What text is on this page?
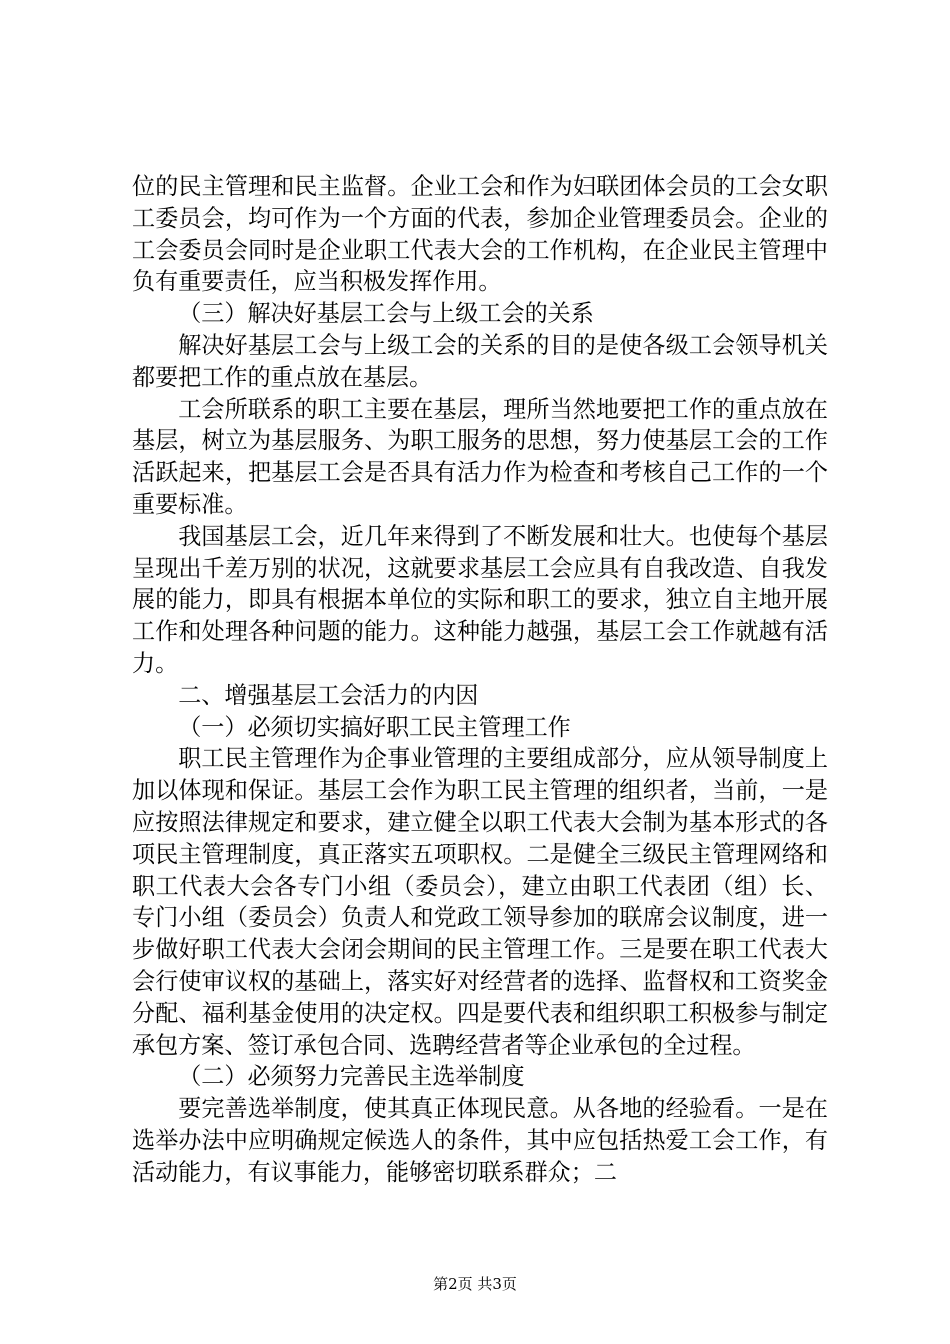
位的民主管理和民主监督。企业工会和作为妇联团体会员的工会女职工委员会，均可作为一个方面的代表，参加企业管理委员会。企业的工会委员会同时是企业职工代表大会的工作机构，在企业民主管理中负有重要责任，应当积极发挥作用。

（三）解决好基层工会与上级工会的关系

解决好基层工会与上级工会的关系的目的是使各级工会领导机关都要把工作的重点放在基层。

工会所联系的职工主要在基层，理所当然地要把工作的重点放在基层，树立为基层服务、为职工服务的思想，努力使基层工会的工作活跃起来，把基层工会是否具有活力作为检查和考核自己工作的一个重要标准。

我国基层工会，近几年来得到了不断发展和壮大。也使每个基层呈现出千差万别的状况，这就要求基层工会应具有自我改造、自我发展的能力，即具有根据本单位的实际和职工的要求，独立自主地开展工作和处理各种问题的能力。这种能力越强，基层工会工作就越有活力。

二、增强基层工会活力的内因

（一）必须切实搞好职工民主管理工作

职工民主管理作为企事业管理的主要组成部分，应从领导制度上加以体现和保证。基层工会作为职工民主管理的组织者，当前，一是应按照法律规定和要求，建立健全以职工代表大会制为基本形式的各项民主管理制度，真正落实五项职权。二是健全三级民主管理网络和职工代表大会各专门小组（委员会），建立由职工代表团（组）长、专门小组（委员会）负责人和党政工领导参加的联席会议制度，进一步做好职工代表大会闭会期间的民主管理工作。三是要在职工代表大会行使审议权的基础上，落实好对经营者的选择、监督权和工资奖金分配、福利基金使用的决定权。四是要代表和组织职工积极参与制定承包方案、签订承包合同、选聘经营者等企业承包的全过程。

（二）必须努力完善民主选举制度

要完善选举制度，使其真正体现民意。从各地的经验看。一是在选举办法中应明确规定候选人的条件，其中应包括热爱工会工作，有活动能力，有议事能力，能够密切联系群众；二

第2页 共3页
